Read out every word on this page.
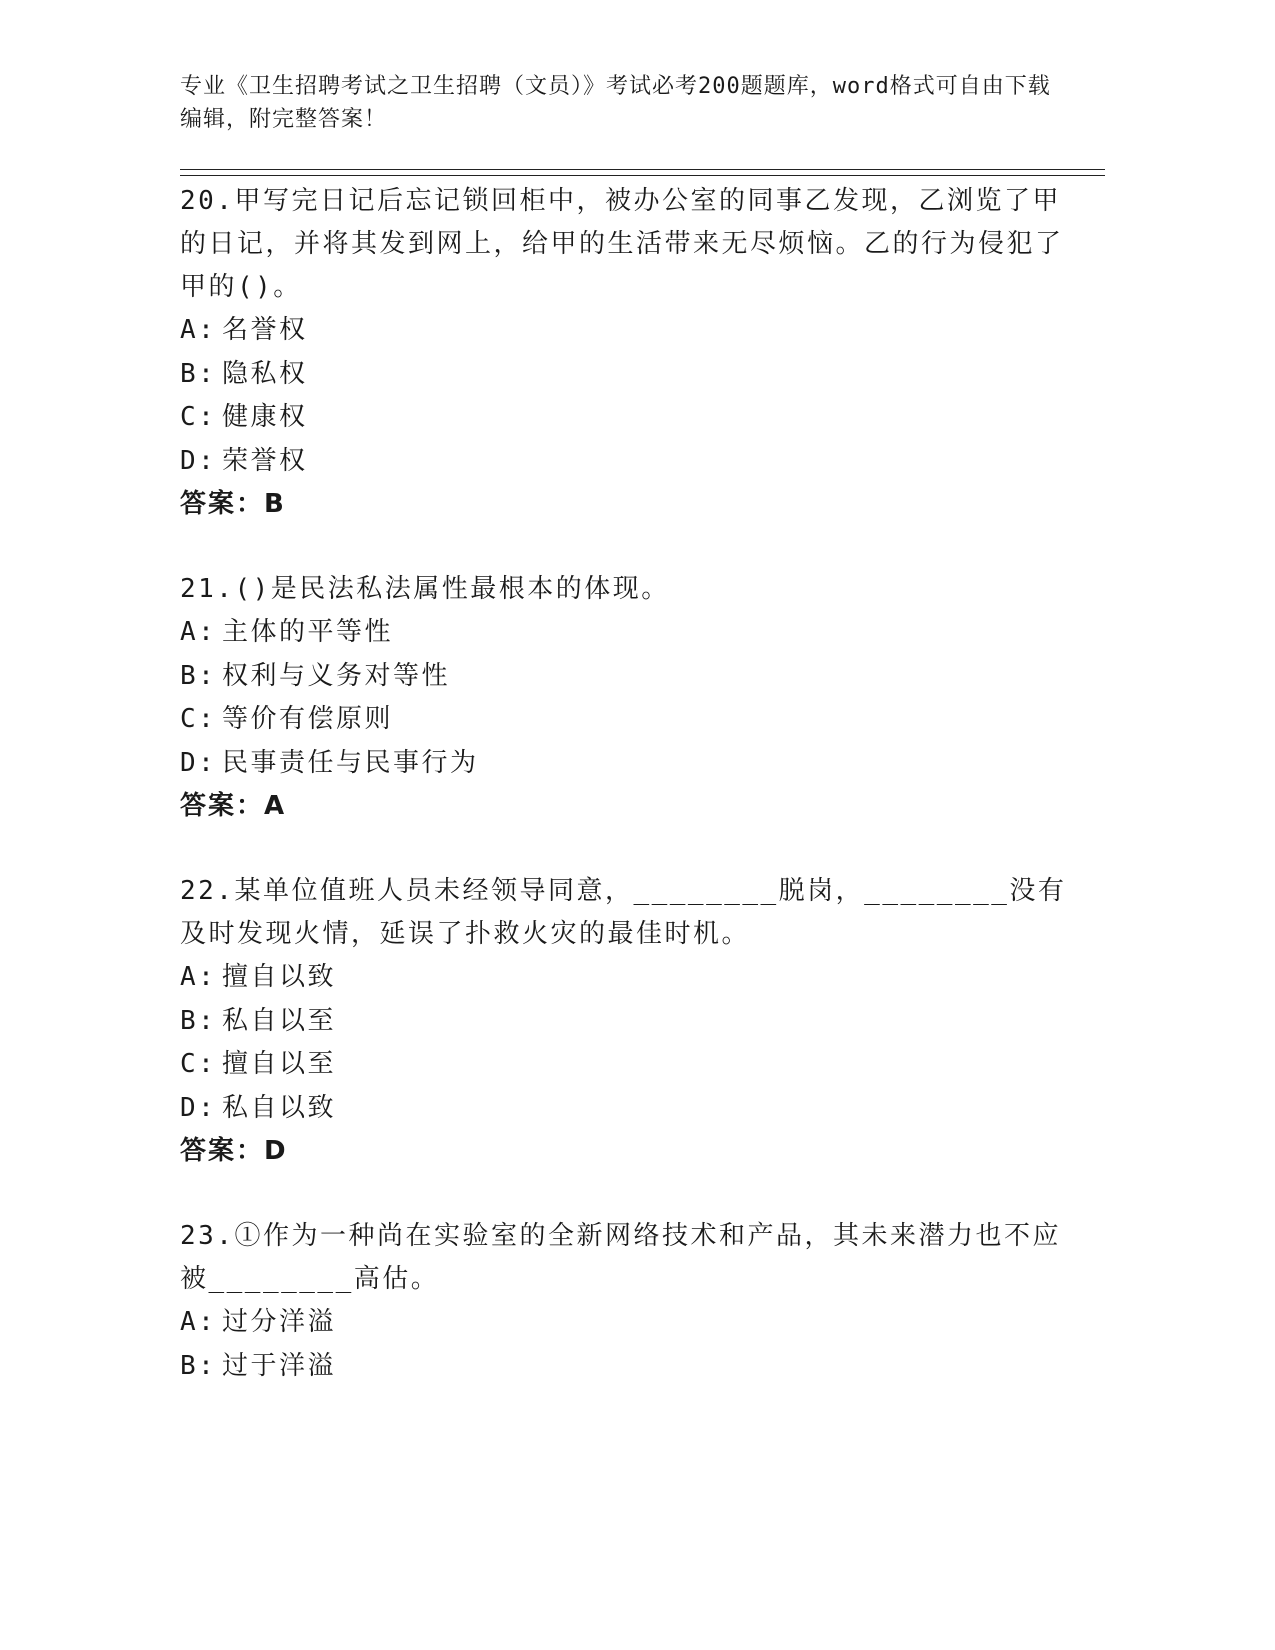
专业《卫生招聘考试之卫生招聘（文员）》考试必考200题题库，word格式可自由下载编辑，附完整答案！

20.甲写完日记后忘记锁回柜中，被办公室的同事乙发现，乙浏览了甲的日记，并将其发到网上，给甲的生活带来无尽烦恼。乙的行为侵犯了甲的()。

A: 名誉权

B: 隐私权

C: 健康权

D: 荣誉权

答案：B

21.()是民法私法属性最根本的体现。

A: 主体的平等性

B: 权利与义务对等性

C: 等价有偿原则

D: 民事责任与民事行为

答案：A

22.某单位值班人员未经领导同意，________脱岗，________没有及时发现火情，延误了扑救火灾的最佳时机。

A: 擅自以致

B: 私自以至

C: 擅自以至

D: 私自以致

答案：D

23.①作为一种尚在实验室的全新网络技术和产品，其未来潜力也不应被________高估。

A: 过分洋溢

B: 过于洋溢
